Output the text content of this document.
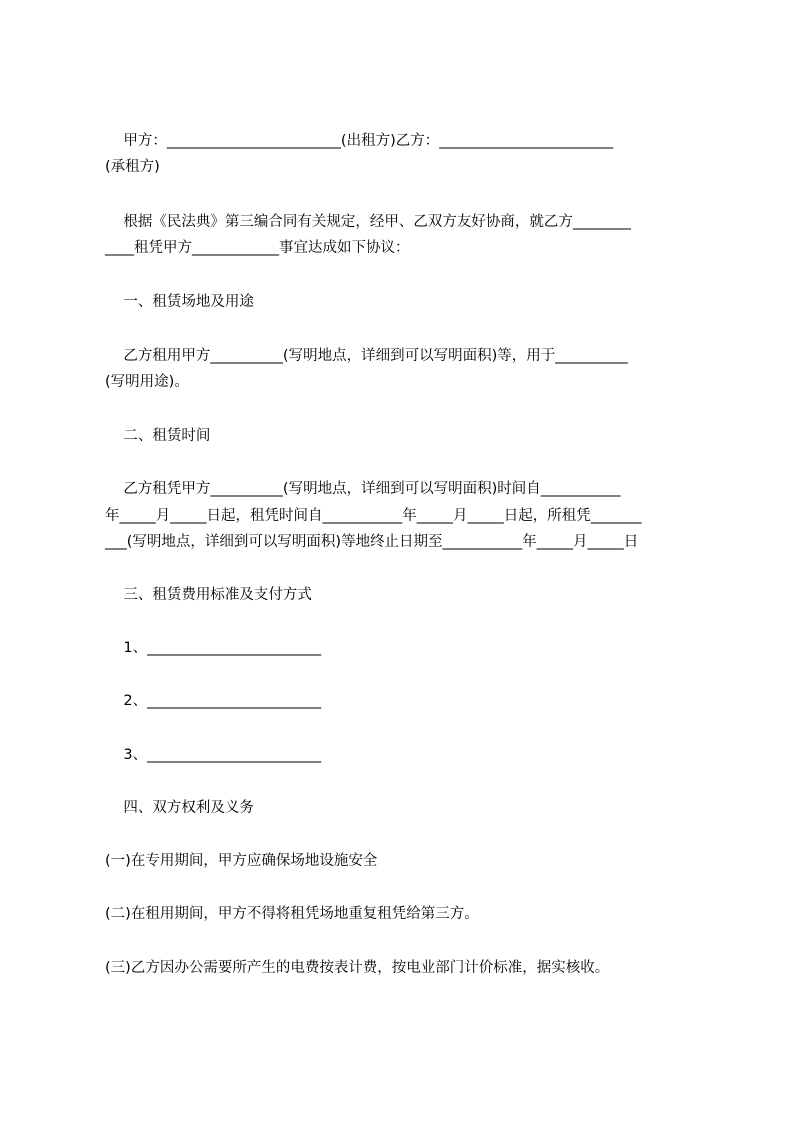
甲方：________________________(出租方)乙方：________________________
(承租方)
根据《民法典》第三编合同有关规定，经甲、乙双方友好协商，就乙方________
____租凭甲方____________事宜达成如下协议：
一、租赁场地及用途
乙方租用甲方__________(写明地点，详细到可以写明面积)等，用于__________
(写明用途)。
二、租赁时间
乙方租凭甲方__________(写明地点，详细到可以写明面积)时间自___________
年_____月_____日起，租凭时间自___________年_____月_____日起，所租凭_______
___(写明地点，详细到可以写明面积)等地终止日期至___________年_____月_____日
三、租赁费用标准及支付方式
1、________________________
2、________________________
3、________________________
四、双方权利及义务
(一)在专用期间，甲方应确保场地设施安全
(二)在租用期间，甲方不得将租凭场地重复租凭给第三方。
(三)乙方因办公需要所产生的电费按表计费，按电业部门计价标准，据实核收。
